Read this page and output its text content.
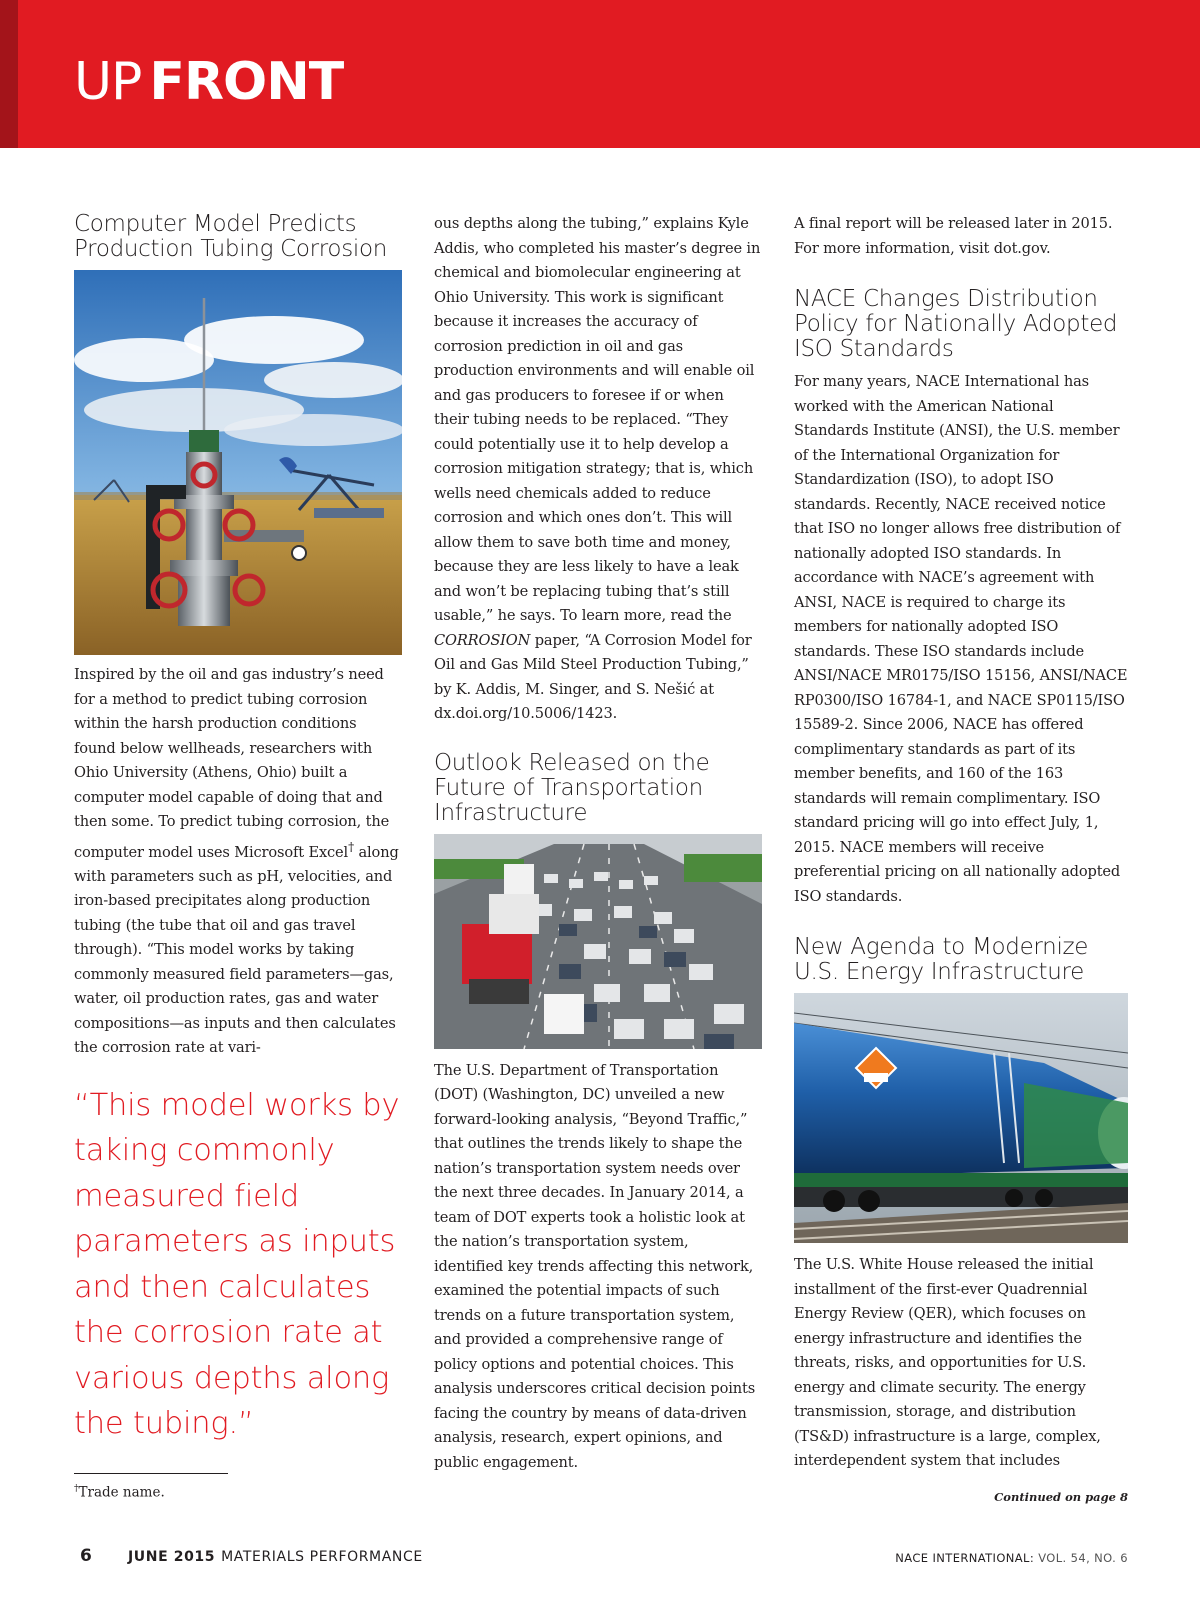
UP FRONT
Computer Model Predicts Production Tubing Corrosion

Inspired by the oil and gas industry’s need for a method to predict tubing corrosion within the harsh production conditions found below wellheads, researchers with Ohio University (Athens, Ohio) built a computer model capable of doing that and then some. To predict tubing corrosion, the computer model uses Microsoft Excel† along with parameters such as pH, velocities, and iron-based precipitates along production tubing (the tube that oil and gas travel through). “This model works by taking commonly measured field parameters—gas, water, oil production rates, gas and water compositions—as inputs and then calculates the corrosion rate at vari-

“This model works by taking commonly measured field parameters as inputs and then calculates the corrosion rate at various depths along the tubing.”
†Trade name.

ous depths along the tubing,” explains Kyle Addis, who completed his master’s degree in chemical and biomolecular engineering at Ohio University. This work is significant because it increases the accuracy of corrosion prediction in oil and gas production environments and will enable oil and gas producers to foresee if or when their tubing needs to be replaced. “They could potentially use it to help develop a corrosion mitigation strategy; that is, which wells need chemicals added to reduce corrosion and which ones don’t. This will allow them to save both time and money, because they are less likely to have a leak and won’t be replacing tubing that’s still usable,” he says. To learn more, read the CORROSION paper, “A Corrosion Model for Oil and Gas Mild Steel Production Tubing,” by K. Addis, M. Singer, and S. Nešić at dx.doi.org/10.5006/1423.

Outlook Released on the Future of Transportation Infrastructure

The U.S. Department of Transportation (DOT) (Washington, DC) unveiled a new forward-looking analysis, “Beyond Traffic,” that outlines the trends likely to shape the nation’s transportation system needs over the next three decades. In January 2014, a team of DOT experts took a holistic look at the nation’s transportation system, identified key trends affecting this network, examined the potential impacts of such trends on a future transportation system, and provided a comprehensive range of policy options and potential choices. This analysis underscores critical decision points facing the country by means of data-driven analysis, research, expert opinions, and public engagement.

A final report will be released later in 2015. For more information, visit dot.gov.

NACE Changes Distribution Policy for Nationally Adopted ISO Standards

For many years, NACE International has worked with the American National Standards Institute (ANSI), the U.S. member of the International Organization for Standardization (ISO), to adopt ISO standards. Recently, NACE received notice that ISO no longer allows free distribution of nationally adopted ISO standards. In accordance with NACE’s agreement with ANSI, NACE is required to charge its members for nationally adopted ISO standards. These ISO standards include ANSI/NACE MR0175/ISO 15156, ANSI/NACE RP0300/ISO 16784-1, and NACE SP0115/ISO 15589-2. Since 2006, NACE has offered complimentary standards as part of its member benefits, and 160 of the 163 standards will remain complimentary. ISO standard pricing will go into effect July, 1, 2015. NACE members will receive preferential pricing on all nationally adopted ISO standards.

New Agenda to Modernize U.S. Energy Infrastructure

The U.S. White House released the initial installment of the first-ever Quadrennial Energy Review (QER), which focuses on energy infrastructure and identifies the threats, risks, and opportunities for U.S. energy and climate security. The energy transmission, storage, and distribution (TS&D) infrastructure is a large, complex, interdependent system that includes

Continued on page 8
6	JUNE 2015 MATERIALS PERFORMANCE	NACE INTERNATIONAL: VOL. 54, NO. 6
